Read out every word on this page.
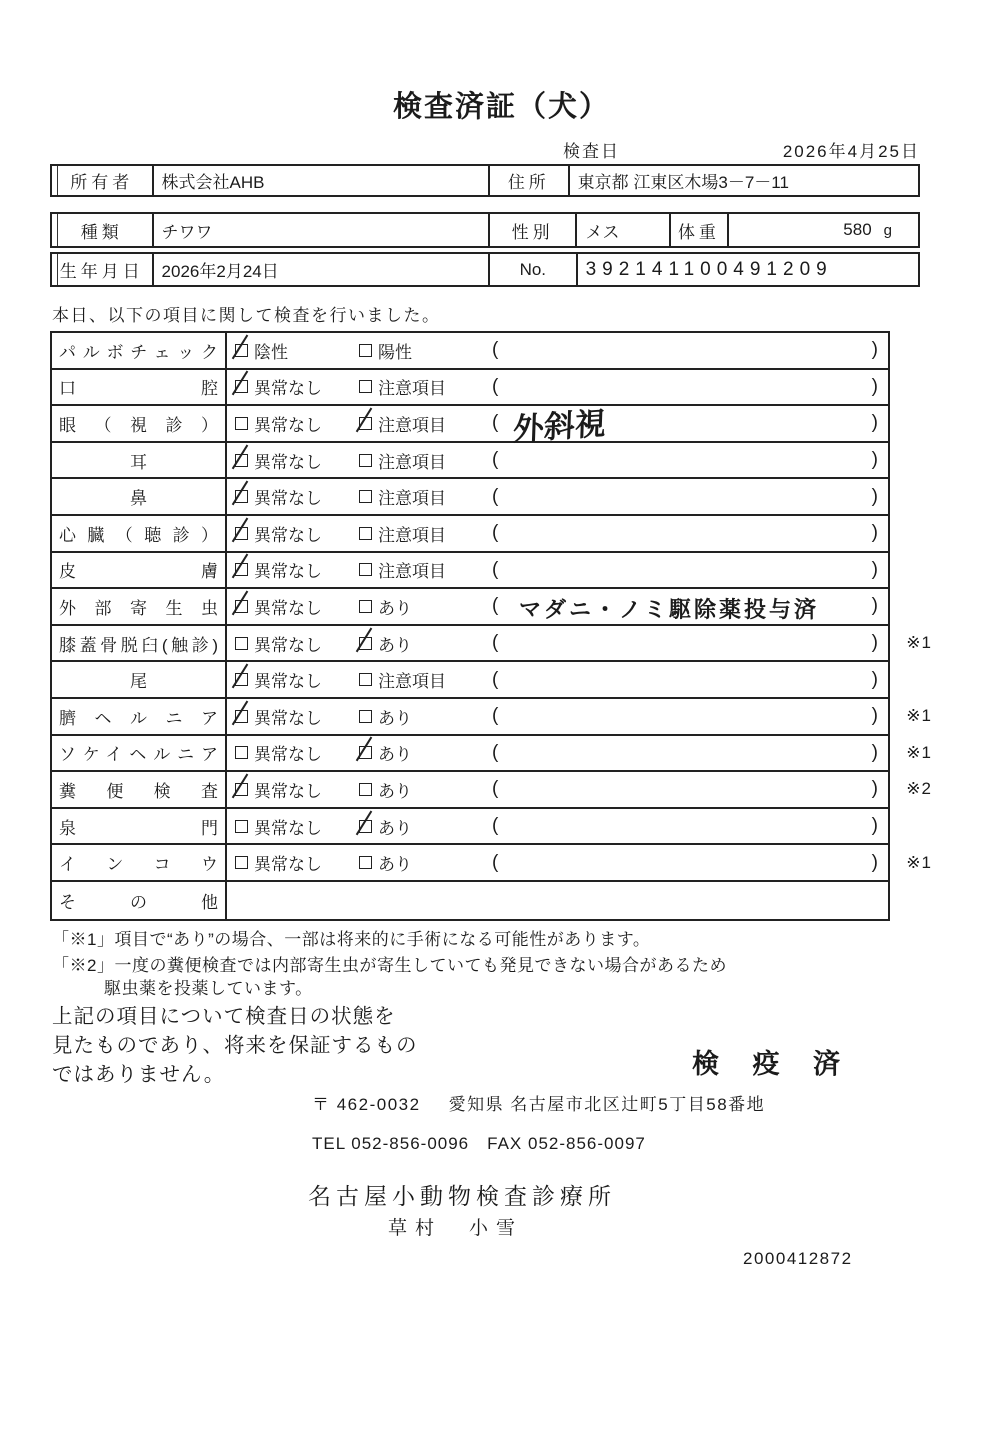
検査済証（犬）
検査日	2026年4月25日
所有者 株式会社AHB	住所 東京都 江東区木場3－7－11
種類 チワワ	性別 メス	体重	580 g
生年月日 2026年2月24日	No. 392141100491209
本日、以下の項目に関して検査を行いました。
パルボチェック 陰性	陽性	(	)
口腔 異常なし	注意項目 (	)
眼（視診） 異常なし	注意項目 ( 外斜視	)
耳	異常なし	注意項目 (	)
鼻	異常なし	注意項目 (	)
心臓（聴診） 異常なし	注意項目 (	)
皮膚 異常なし	注意項目 (	)
外部寄生虫 異常なし	あり	( マダニ・ノミ駆除薬投与済	)
膝蓋骨脱臼(触診) 異常なし	あり	(	) ※1
尾	異常なし	注意項目 (	)
臍ヘルニア 異常なし	あり	(	) ※1
ソケイヘルニア 異常なし	あり	(	) ※1
糞便検査 異常なし	あり	(	) ※2
泉門 異常なし	あり	(	)
インコウ 異常なし	あり	(	) ※1
その他
「※1」項目で“あり”の場合、一部は将来的に手術になる可能性があります。
「※2」一度の糞便検査では内部寄生虫が寄生していても発見できない場合があるため
駆虫薬を投薬しています。
上記の項目について検査日の状態を
見たものであり、将来を保証するもの
ではありません。	検 疫 済
〒 462-0032 愛知県 名古屋市北区辻町5丁目58番地
TEL 052-856-0096　FAX 052-856-0097
名古屋小動物検査診療所
草村　小雪
2000412872
